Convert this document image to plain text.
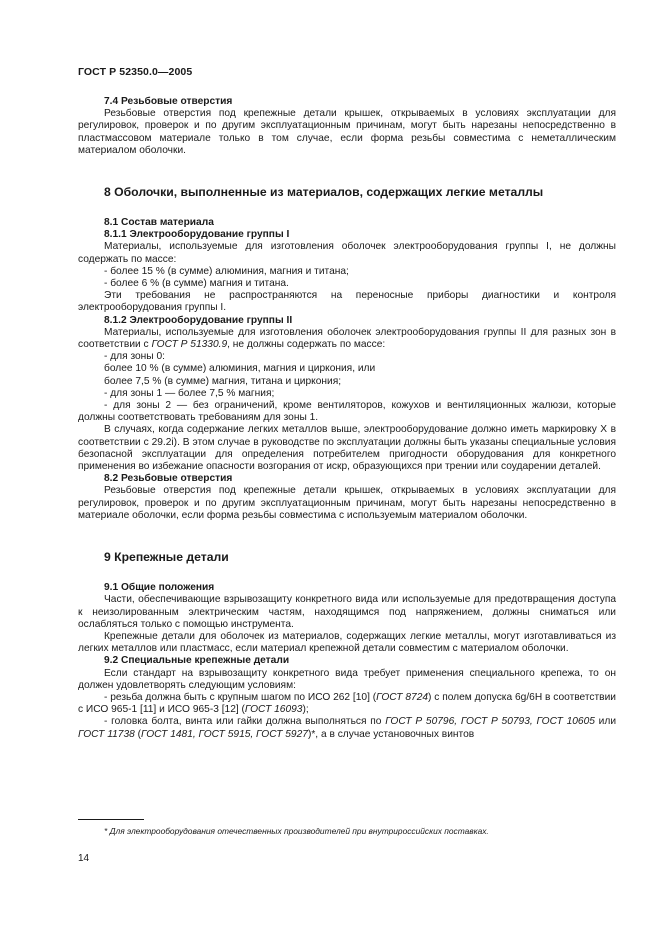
ГОСТ Р 52350.0—2005

7.4 Резьбовые отверстия

Резьбовые отверстия под крепежные детали крышек, открываемых в условиях эксплуатации для регулировок, проверок и по другим эксплуатационным причинам, могут быть нарезаны непосредственно в пластмассовом материале только в том случае, если форма резьбы совместима с неметаллическим материалом оболочки.

8 Оболочки, выполненные из материалов, содержащих легкие металлы

8.1 Состав материала

8.1.1 Электрооборудование группы I

Материалы, используемые для изготовления оболочек электрооборудования группы I, не должны содержать по массе:

- более 15 % (в сумме) алюминия, магния и титана;

- более 6 % (в сумме) магния и титана.

Эти требования не распространяются на переносные приборы диагностики и контроля электрооборудования группы I.

8.1.2 Электрооборудование группы II

Материалы, используемые для изготовления оболочек электрооборудования группы II для разных зон в соответствии с ГОСТ Р 51330.9, не должны содержать по массе:

- для зоны 0:

более 10 % (в сумме) алюминия, магния и циркония, или

более 7,5 % (в сумме) магния, титана и циркония;

- для зоны 1 — более 7,5 % магния;

- для зоны 2 — без ограничений, кроме вентиляторов, кожухов и вентиляционных жалюзи, которые должны соответствовать требованиям для зоны 1.

В случаях, когда содержание легких металлов выше, электрооборудование должно иметь маркировку X в соответствии с 29.2i). В этом случае в руководстве по эксплуатации должны быть указаны специальные условия безопасной эксплуатации для определения потребителем пригодности оборудования для конкретного применения во избежание опасности возгорания от искр, образующихся при трении или соударении деталей.

8.2 Резьбовые отверстия

Резьбовые отверстия под крепежные детали крышек, открываемых в условиях эксплуатации для регулировок, проверок и по другим эксплуатационным причинам, могут быть нарезаны непосредственно в материале оболочки, если форма резьбы совместима с используемым материалом оболочки.

9 Крепежные детали

9.1 Общие положения

Части, обеспечивающие взрывозащиту конкретного вида или используемые для предотвращения доступа к неизолированным электрическим частям, находящимся под напряжением, должны сниматься или ослабляться только с помощью инструмента.

Крепежные детали для оболочек из материалов, содержащих легкие металлы, могут изготавливаться из легких металлов или пластмасс, если материал крепежной детали совместим с материалом оболочки.

9.2 Специальные крепежные детали

Если стандарт на взрывозащиту конкретного вида требует применения специального крепежа, то он должен удовлетворять следующим условиям:

- резьба должна быть с крупным шагом по ИСО 262 [10] (ГОСТ 8724) с полем допуска 6g/6H в соответствии с ИСО 965-1 [11] и ИСО 965-3 [12] (ГОСТ 16093);

- головка болта, винта или гайки должна выполняться по ГОСТ Р 50796, ГОСТ Р 50793, ГОСТ 10605 или ГОСТ 11738 (ГОСТ 1481, ГОСТ 5915, ГОСТ 5927)*, а в случае установочных винтов

* Для электрооборудования отечественных производителей при внутрироссийских поставках.
14
